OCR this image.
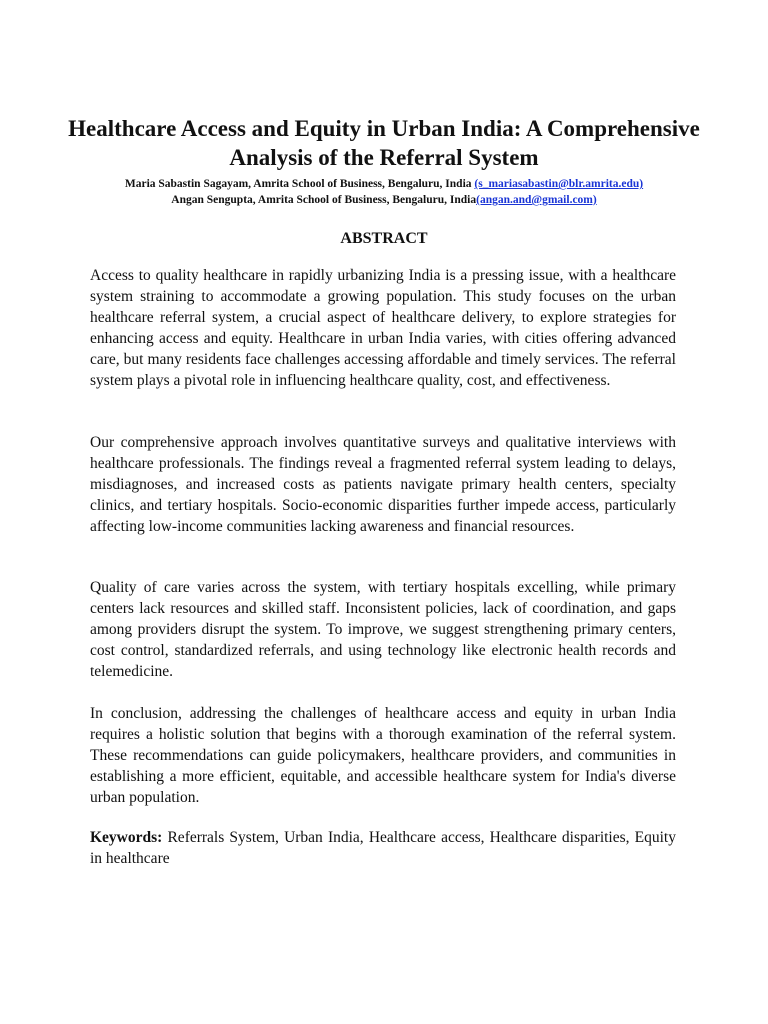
Healthcare Access and Equity in Urban India: A Comprehensive Analysis of the Referral System
Maria Sabastin Sagayam, Amrita School of Business, Bengaluru, India (s_mariasabastin@blr.amrita.edu)
Angan Sengupta, Amrita School of Business, Bengaluru, India(angan.and@gmail.com)
ABSTRACT

Access to quality healthcare in rapidly urbanizing India is a pressing issue, with a healthcare system straining to accommodate a growing population. This study focuses on the urban healthcare referral system, a crucial aspect of healthcare delivery, to explore strategies for enhancing access and equity. Healthcare in urban India varies, with cities offering advanced care, but many residents face challenges accessing affordable and timely services. The referral system plays a pivotal role in influencing healthcare quality, cost, and effectiveness.

Our comprehensive approach involves quantitative surveys and qualitative interviews with healthcare professionals. The findings reveal a fragmented referral system leading to delays, misdiagnoses, and increased costs as patients navigate primary health centers, specialty clinics, and tertiary hospitals. Socio-economic disparities further impede access, particularly affecting low-income communities lacking awareness and financial resources.

Quality of care varies across the system, with tertiary hospitals excelling, while primary centers lack resources and skilled staff. Inconsistent policies, lack of coordination, and gaps among providers disrupt the system. To improve, we suggest strengthening primary centers, cost control, standardized referrals, and using technology like electronic health records and telemedicine.

In conclusion, addressing the challenges of healthcare access and equity in urban India requires a holistic solution that begins with a thorough examination of the referral system. These recommendations can guide policymakers, healthcare providers, and communities in establishing a more efficient, equitable, and accessible healthcare system for India's diverse urban population.

Keywords: Referrals System, Urban India, Healthcare access, Healthcare disparities, Equity in healthcare
